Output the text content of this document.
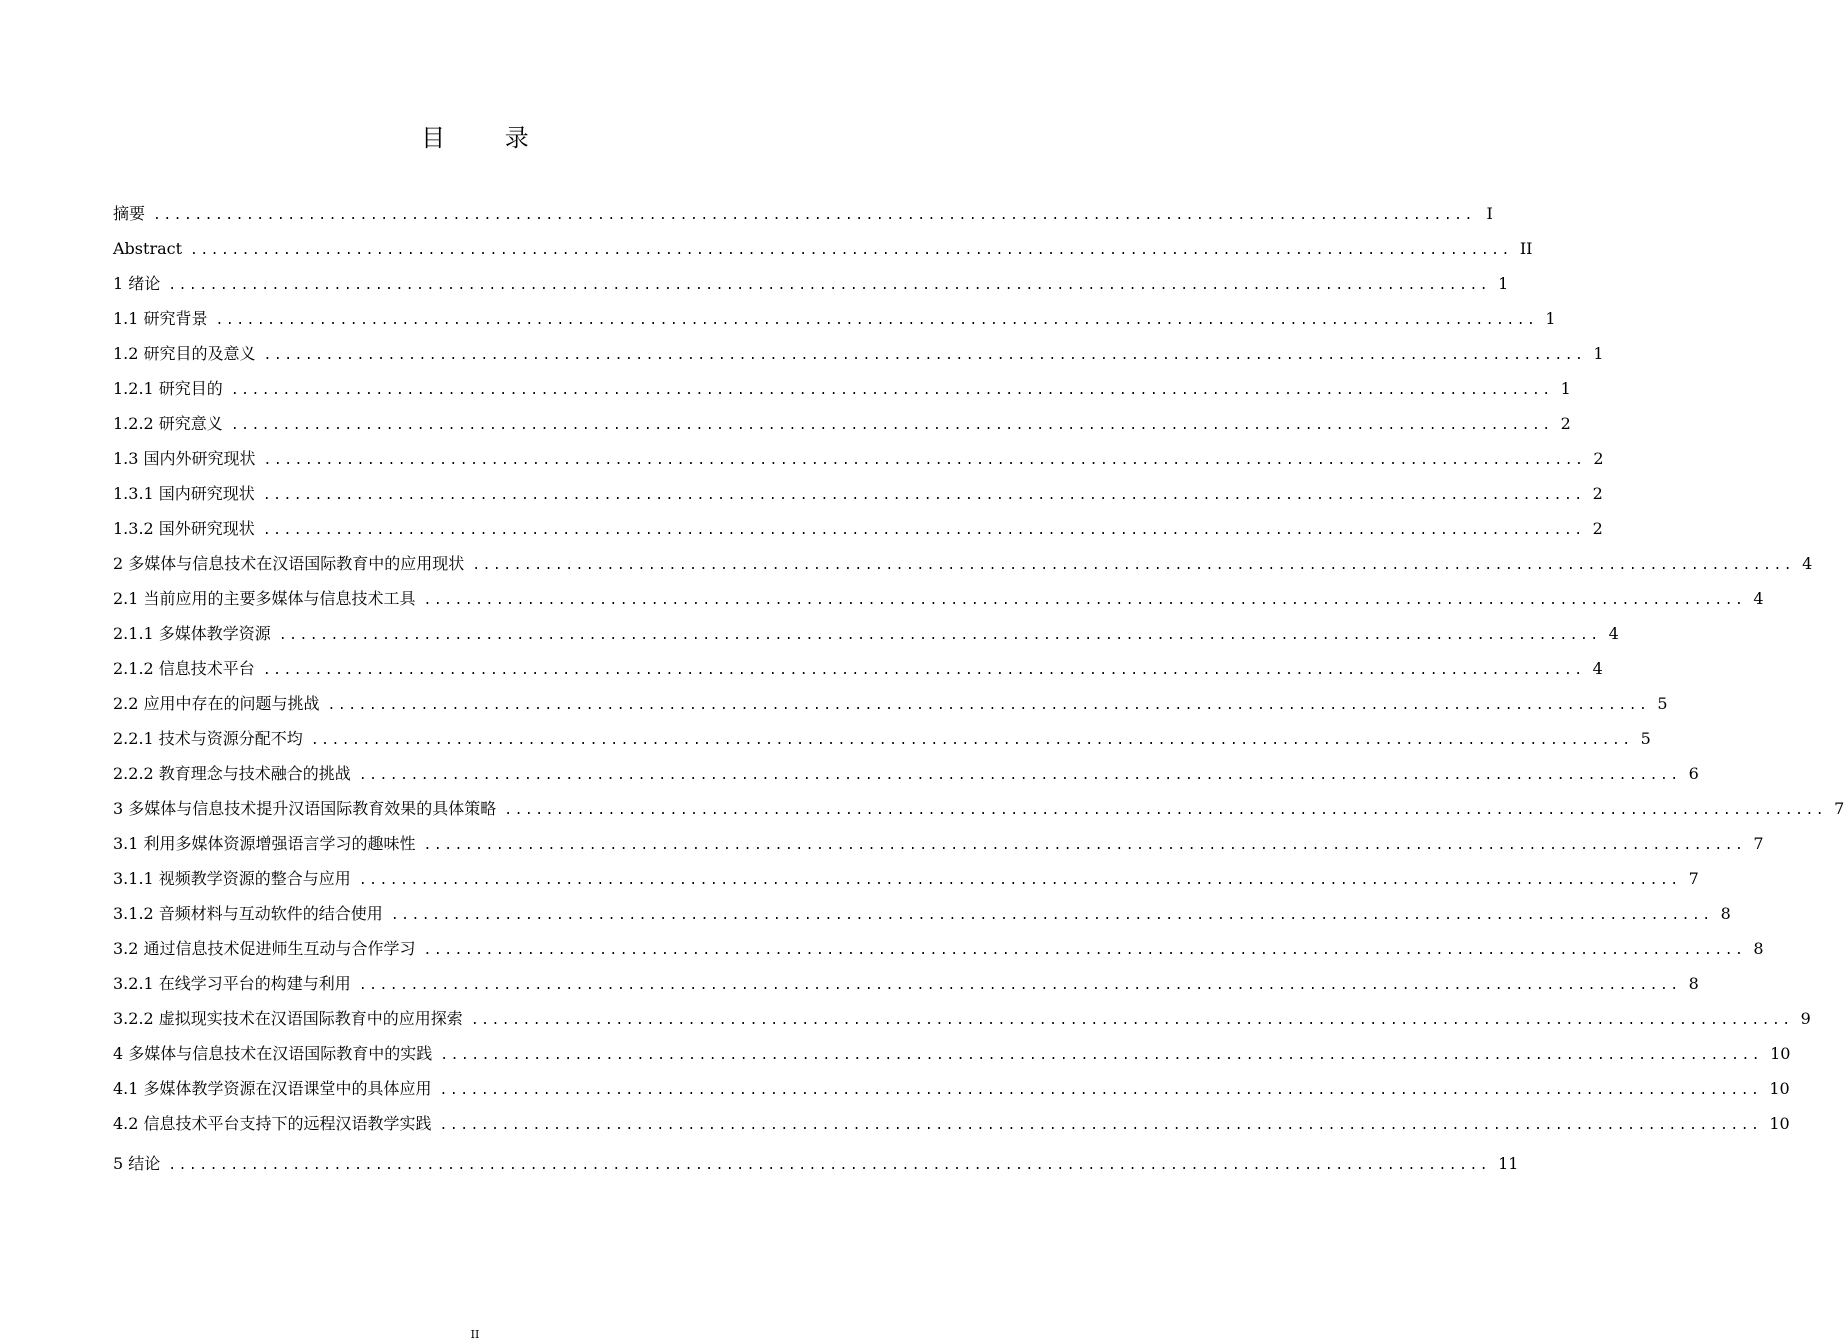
目 录
摘要 ................................................................................................................................ I
Abstract ................................................................................................................................ II
1 绪论 ................................................................................................................................ 1
1.1 研究背景 ................................................................................................................................ 1
1.2 研究目的及意义 ................................................................................................................................ 1
1.2.1 研究目的 ................................................................................................................................ 1
1.2.2 研究意义 ................................................................................................................................ 2
1.3 国内外研究现状 ................................................................................................................................ 2
1.3.1 国内研究现状 ................................................................................................................................ 2
1.3.2 国外研究现状 ................................................................................................................................ 2
2 多媒体与信息技术在汉语国际教育中的应用现状 ................................................................................................................................ 4
2.1 当前应用的主要多媒体与信息技术工具 ................................................................................................................................ 4
2.1.1 多媒体教学资源 ................................................................................................................................ 4
2.1.2 信息技术平台 ................................................................................................................................ 4
2.2 应用中存在的问题与挑战 ................................................................................................................................ 5
2.2.1 技术与资源分配不均 ................................................................................................................................ 5
2.2.2 教育理念与技术融合的挑战 ................................................................................................................................ 6
3 多媒体与信息技术提升汉语国际教育效果的具体策略 ................................................................................................................................ 7
3.1 利用多媒体资源增强语言学习的趣味性 ................................................................................................................................ 7
3.1.1 视频教学资源的整合与应用 ................................................................................................................................ 7
3.1.2 音频材料与互动软件的结合使用 ................................................................................................................................ 8
3.2 通过信息技术促进师生互动与合作学习 ................................................................................................................................ 8
3.2.1 在线学习平台的构建与利用 ................................................................................................................................ 8
3.2.2 虚拟现实技术在汉语国际教育中的应用探索 ................................................................................................................................ 9
4 多媒体与信息技术在汉语国际教育中的实践 ................................................................................................................................ 10
4.1 多媒体教学资源在汉语课堂中的具体应用 ................................................................................................................................ 10
4.2 信息技术平台支持下的远程汉语教学实践 ................................................................................................................................ 10
5 结论 ................................................................................................................................ 11
II
